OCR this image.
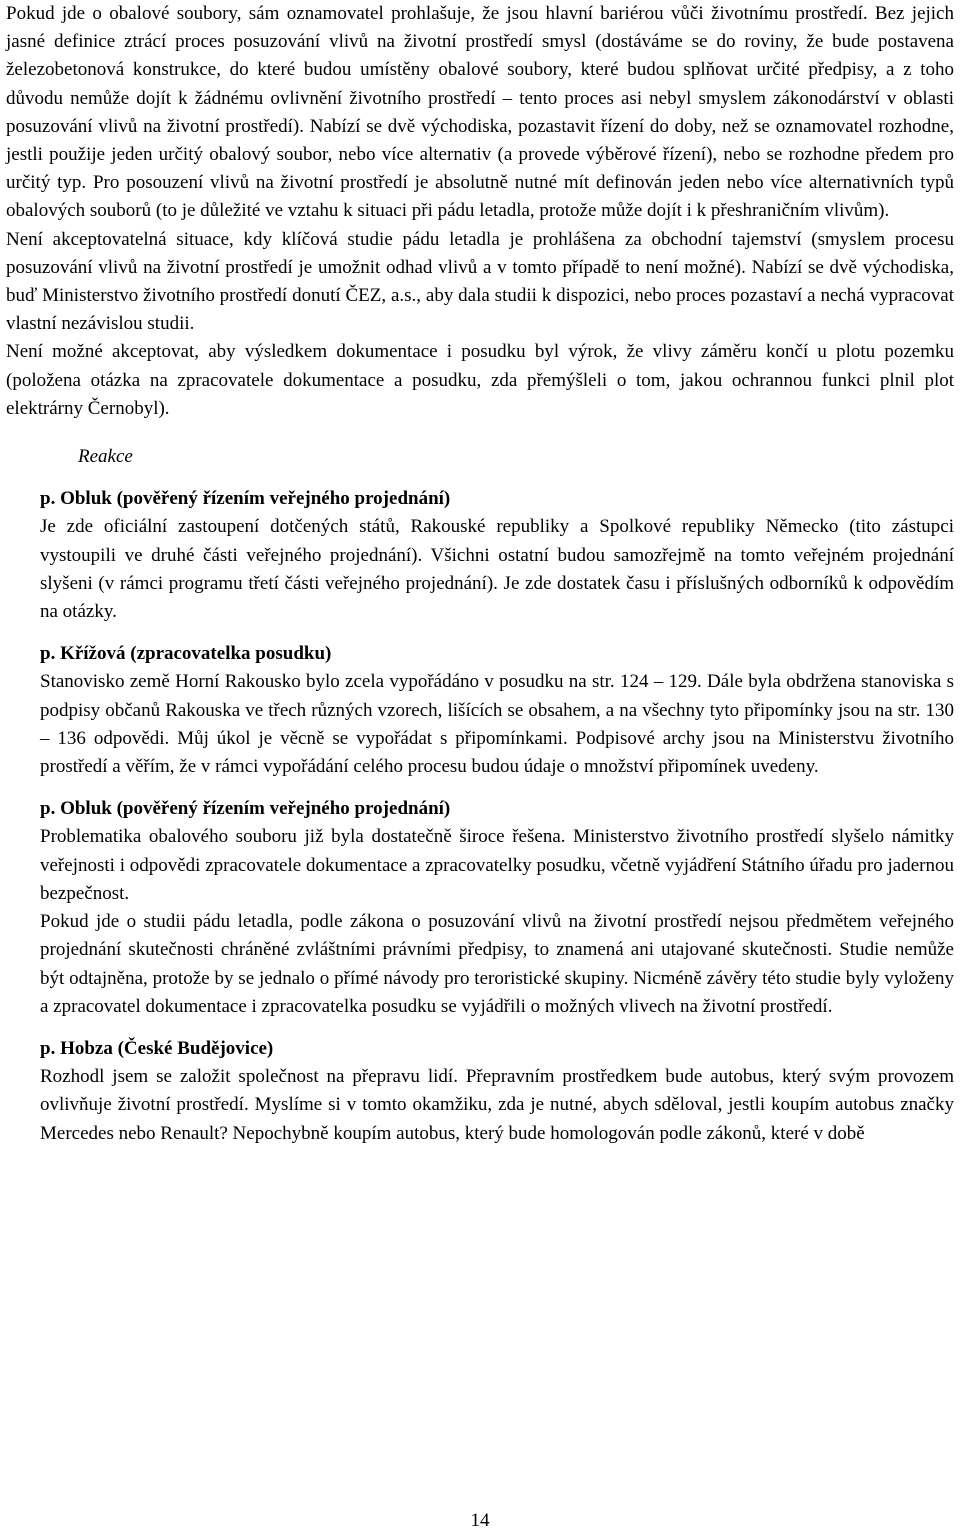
Pokud jde o obalové soubory, sám oznamovatel prohlašuje, že jsou hlavní bariérou vůči životnímu prostředí. Bez jejich jasné definice ztrácí proces posuzování vlivů na životní prostředí smysl (dostáváme se do roviny, že bude postavena železobetonová konstrukce, do které budou umístěny obalové soubory, které budou splňovat určité předpisy, a z toho důvodu nemůže dojít k žádnému ovlivnění životního prostředí – tento proces asi nebyl smyslem zákonodárství v oblasti posuzování vlivů na životní prostředí). Nabízí se dvě východiska, pozastavit řízení do doby, než se oznamovatel rozhodne, jestli použije jeden určitý obalový soubor, nebo více alternativ (a provede výběrové řízení), nebo se rozhodne předem pro určitý typ. Pro posouzení vlivů na životní prostředí je absolutně nutné mít definován jeden nebo více alternativních typů obalových souborů (to je důležité ve vztahu k situaci při pádu letadla, protože může dojít i k přeshraničním vlivům).

Není akceptovatelná situace, kdy klíčová studie pádu letadla je prohlášena za obchodní tajemství (smyslem procesu posuzování vlivů na životní prostředí je umožnit odhad vlivů a v tomto případě to není možné). Nabízí se dvě východiska, buď Ministerstvo životního prostředí donutí ČEZ, a.s., aby dala studii k dispozici, nebo proces pozastaví a nechá vypracovat vlastní nezávislou studii.

Není možné akceptovat, aby výsledkem dokumentace i posudku byl výrok, že vlivy záměru končí u plotu pozemku (položena otázka na zpracovatele dokumentace a posudku, zda přemýšleli o tom, jakou ochrannou funkci plnil plot elektrárny Černobyl).

Reakce
p. Obluk (pověřený řízením veřejného projednání)

Je zde oficiální zastoupení dotčených států, Rakouské republiky a Spolkové republiky Německo (tito zástupci vystoupili ve druhé části veřejného projednání). Všichni ostatní budou samozřejmě na tomto veřejném projednání slyšeni (v rámci programu třetí části veřejného projednání). Je zde dostatek času i příslušných odborníků k odpovědím na otázky.

p. Křížová (zpracovatelka posudku)

Stanovisko země Horní Rakousko bylo zcela vypořádáno v posudku na str. 124 – 129. Dále byla obdržena stanoviska s podpisy občanů Rakouska ve třech různých vzorech, lišících se obsahem, a na všechny tyto připomínky jsou na str. 130 – 136 odpovědi. Můj úkol je věcně se vypořádat s připomínkami. Podpisové archy jsou na Ministerstvu životního prostředí a věřím, že v rámci vypořádání celého procesu budou údaje o množství připomínek uvedeny.

p. Obluk (pověřený řízením veřejného projednání)

Problematika obalového souboru již byla dostatečně široce řešena. Ministerstvo životního prostředí slyšelo námitky veřejnosti i odpovědi zpracovatele dokumentace a zpracovatelky posudku, včetně vyjádření Státního úřadu pro jadernou bezpečnost.

Pokud jde o studii pádu letadla, podle zákona o posuzování vlivů na životní prostředí nejsou předmětem veřejného projednání skutečnosti chráněné zvláštními právními předpisy, to znamená ani utajované skutečnosti. Studie nemůže být odtajněna, protože by se jednalo o přímé návody pro teroristické skupiny. Nicméně závěry této studie byly vyloženy a zpracovatel dokumentace i zpracovatelka posudku se vyjádřili o možných vlivech na životní prostředí.

p. Hobza (České Budějovice)

Rozhodl jsem se založit společnost na přepravu lidí. Přepravním prostředkem bude autobus, který svým provozem ovlivňuje životní prostředí. Myslíme si v tomto okamžiku, zda je nutné, abych sděloval, jestli koupím autobus značky Mercedes nebo Renault? Nepochybně koupím autobus, který bude homologován podle zákonů, které v době

14
